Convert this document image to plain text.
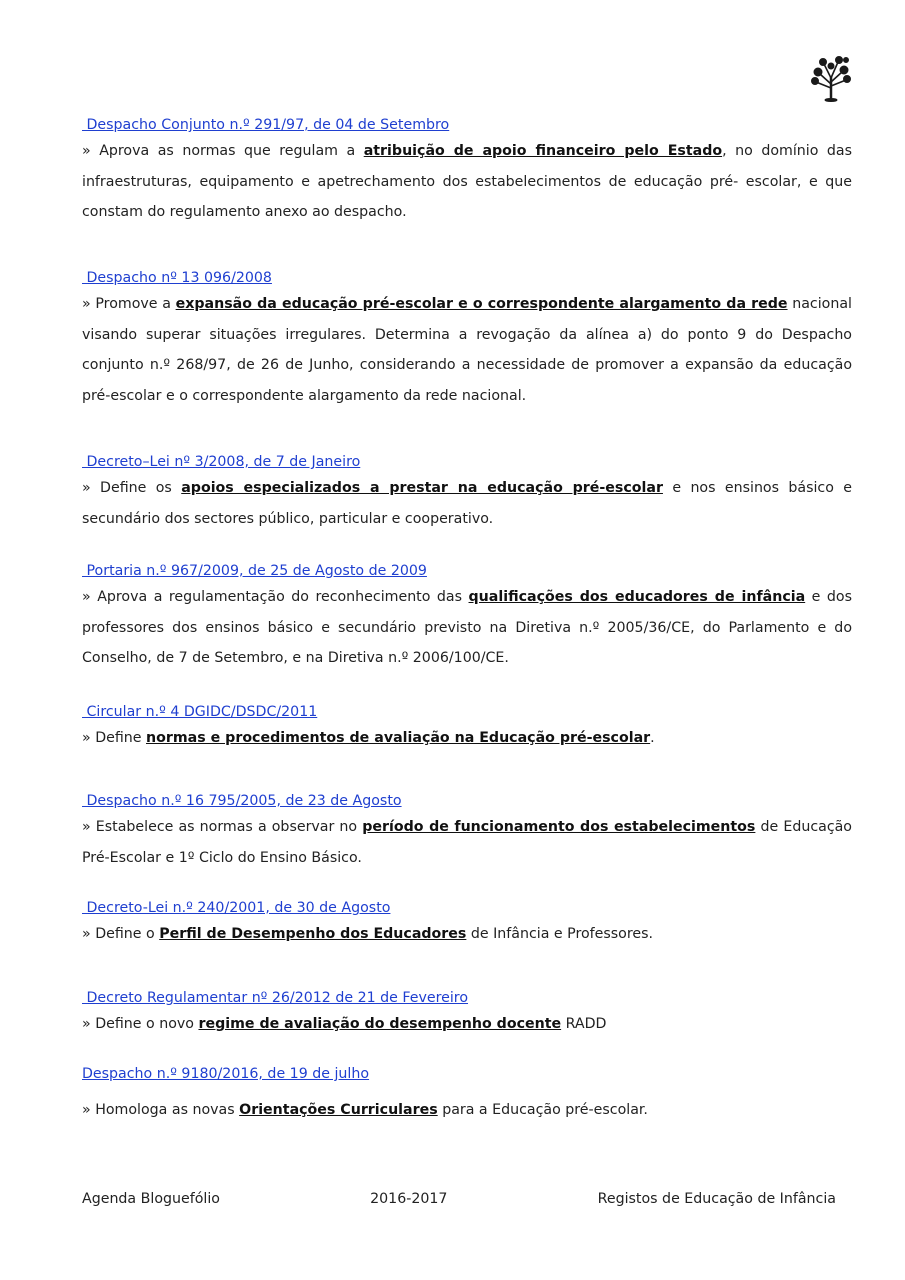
Despacho Conjunto n.º 291/97, de 04 de Setembro

» Aprova as normas que regulam a atribuição de apoio financeiro pelo Estado, no domínio das infraestruturas, equipamento e apetrechamento dos estabelecimentos de educação pré- escolar, e que constam do regulamento anexo ao despacho.

Despacho nº 13 096/2008

» Promove a expansão da educação pré-escolar e o correspondente alargamento da rede nacional visando superar situações irregulares. Determina a revogação da alínea a) do ponto 9 do Despacho conjunto n.º 268/97, de 26 de Junho, considerando a necessidade de promover a expansão da educação pré-escolar e o correspondente alargamento da rede nacional.

Decreto–Lei nº 3/2008, de 7 de Janeiro

» Define os apoios especializados a prestar na educação pré-escolar e nos ensinos básico e secundário dos sectores público, particular e cooperativo.

Portaria n.º 967/2009, de 25 de Agosto de 2009

» Aprova a regulamentação do reconhecimento das qualificações dos educadores de infância e dos professores dos ensinos básico e secundário previsto na Diretiva n.º 2005/36/CE, do Parlamento e do Conselho, de 7 de Setembro, e na Diretiva n.º 2006/100/CE.

Circular n.º 4 DGIDC/DSDC/2011

» Define normas e procedimentos de avaliação na Educação pré-escolar.

Despacho n.º 16 795/2005, de 23 de Agosto

» Estabelece as normas a observar no período de funcionamento dos estabelecimentos de Educação Pré-Escolar e 1º Ciclo do Ensino Básico.

Decreto-Lei n.º 240/2001, de 30 de Agosto

» Define o Perfil de Desempenho dos Educadores de Infância e Professores.

Decreto Regulamentar nº 26/2012 de 21 de Fevereiro

» Define o novo regime de avaliação do desempenho docente RADD

Despacho n.º 9180/2016, de 19 de julho

» Homologa as novas Orientações Curriculares para a Educação pré-escolar.

Agenda Bloguefólio	2016-2017	Registos de Educação de Infância
